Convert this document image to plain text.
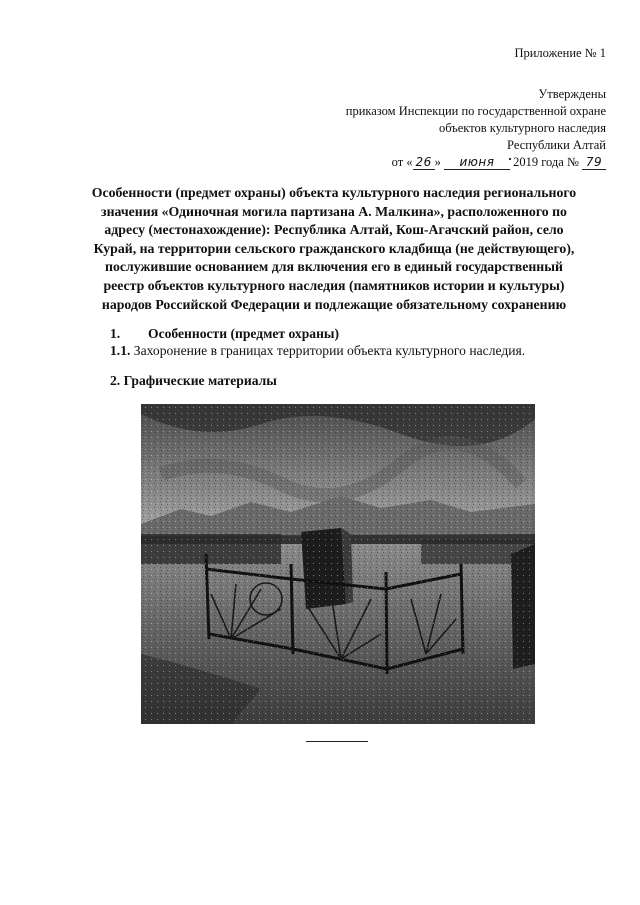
Приложение № 1
Утверждены
приказом Инспекции по государственной охране
объектов культурного наследия
Республики Алтай
от « 26 » июня 2019 года № 79
Особенности (предмет охраны) объекта культурного наследия регионального
значения «Одиночная могила партизана А. Малкина», расположенного по
адресу (местонахождение): Республика Алтай, Кош-Агачский район, село
Курай, на территории сельского гражданского кладбища (не действующего),
послужившие основанием для включения его в единый государственный
реестр объектов культурного наследия (памятников истории и культуры)
народов Российской Федерации и подлежащие обязательному сохранению
1. Особенности (предмет охраны)
1.1. Захоронение в границах территории объекта культурного наследия.
2. Графические материалы
